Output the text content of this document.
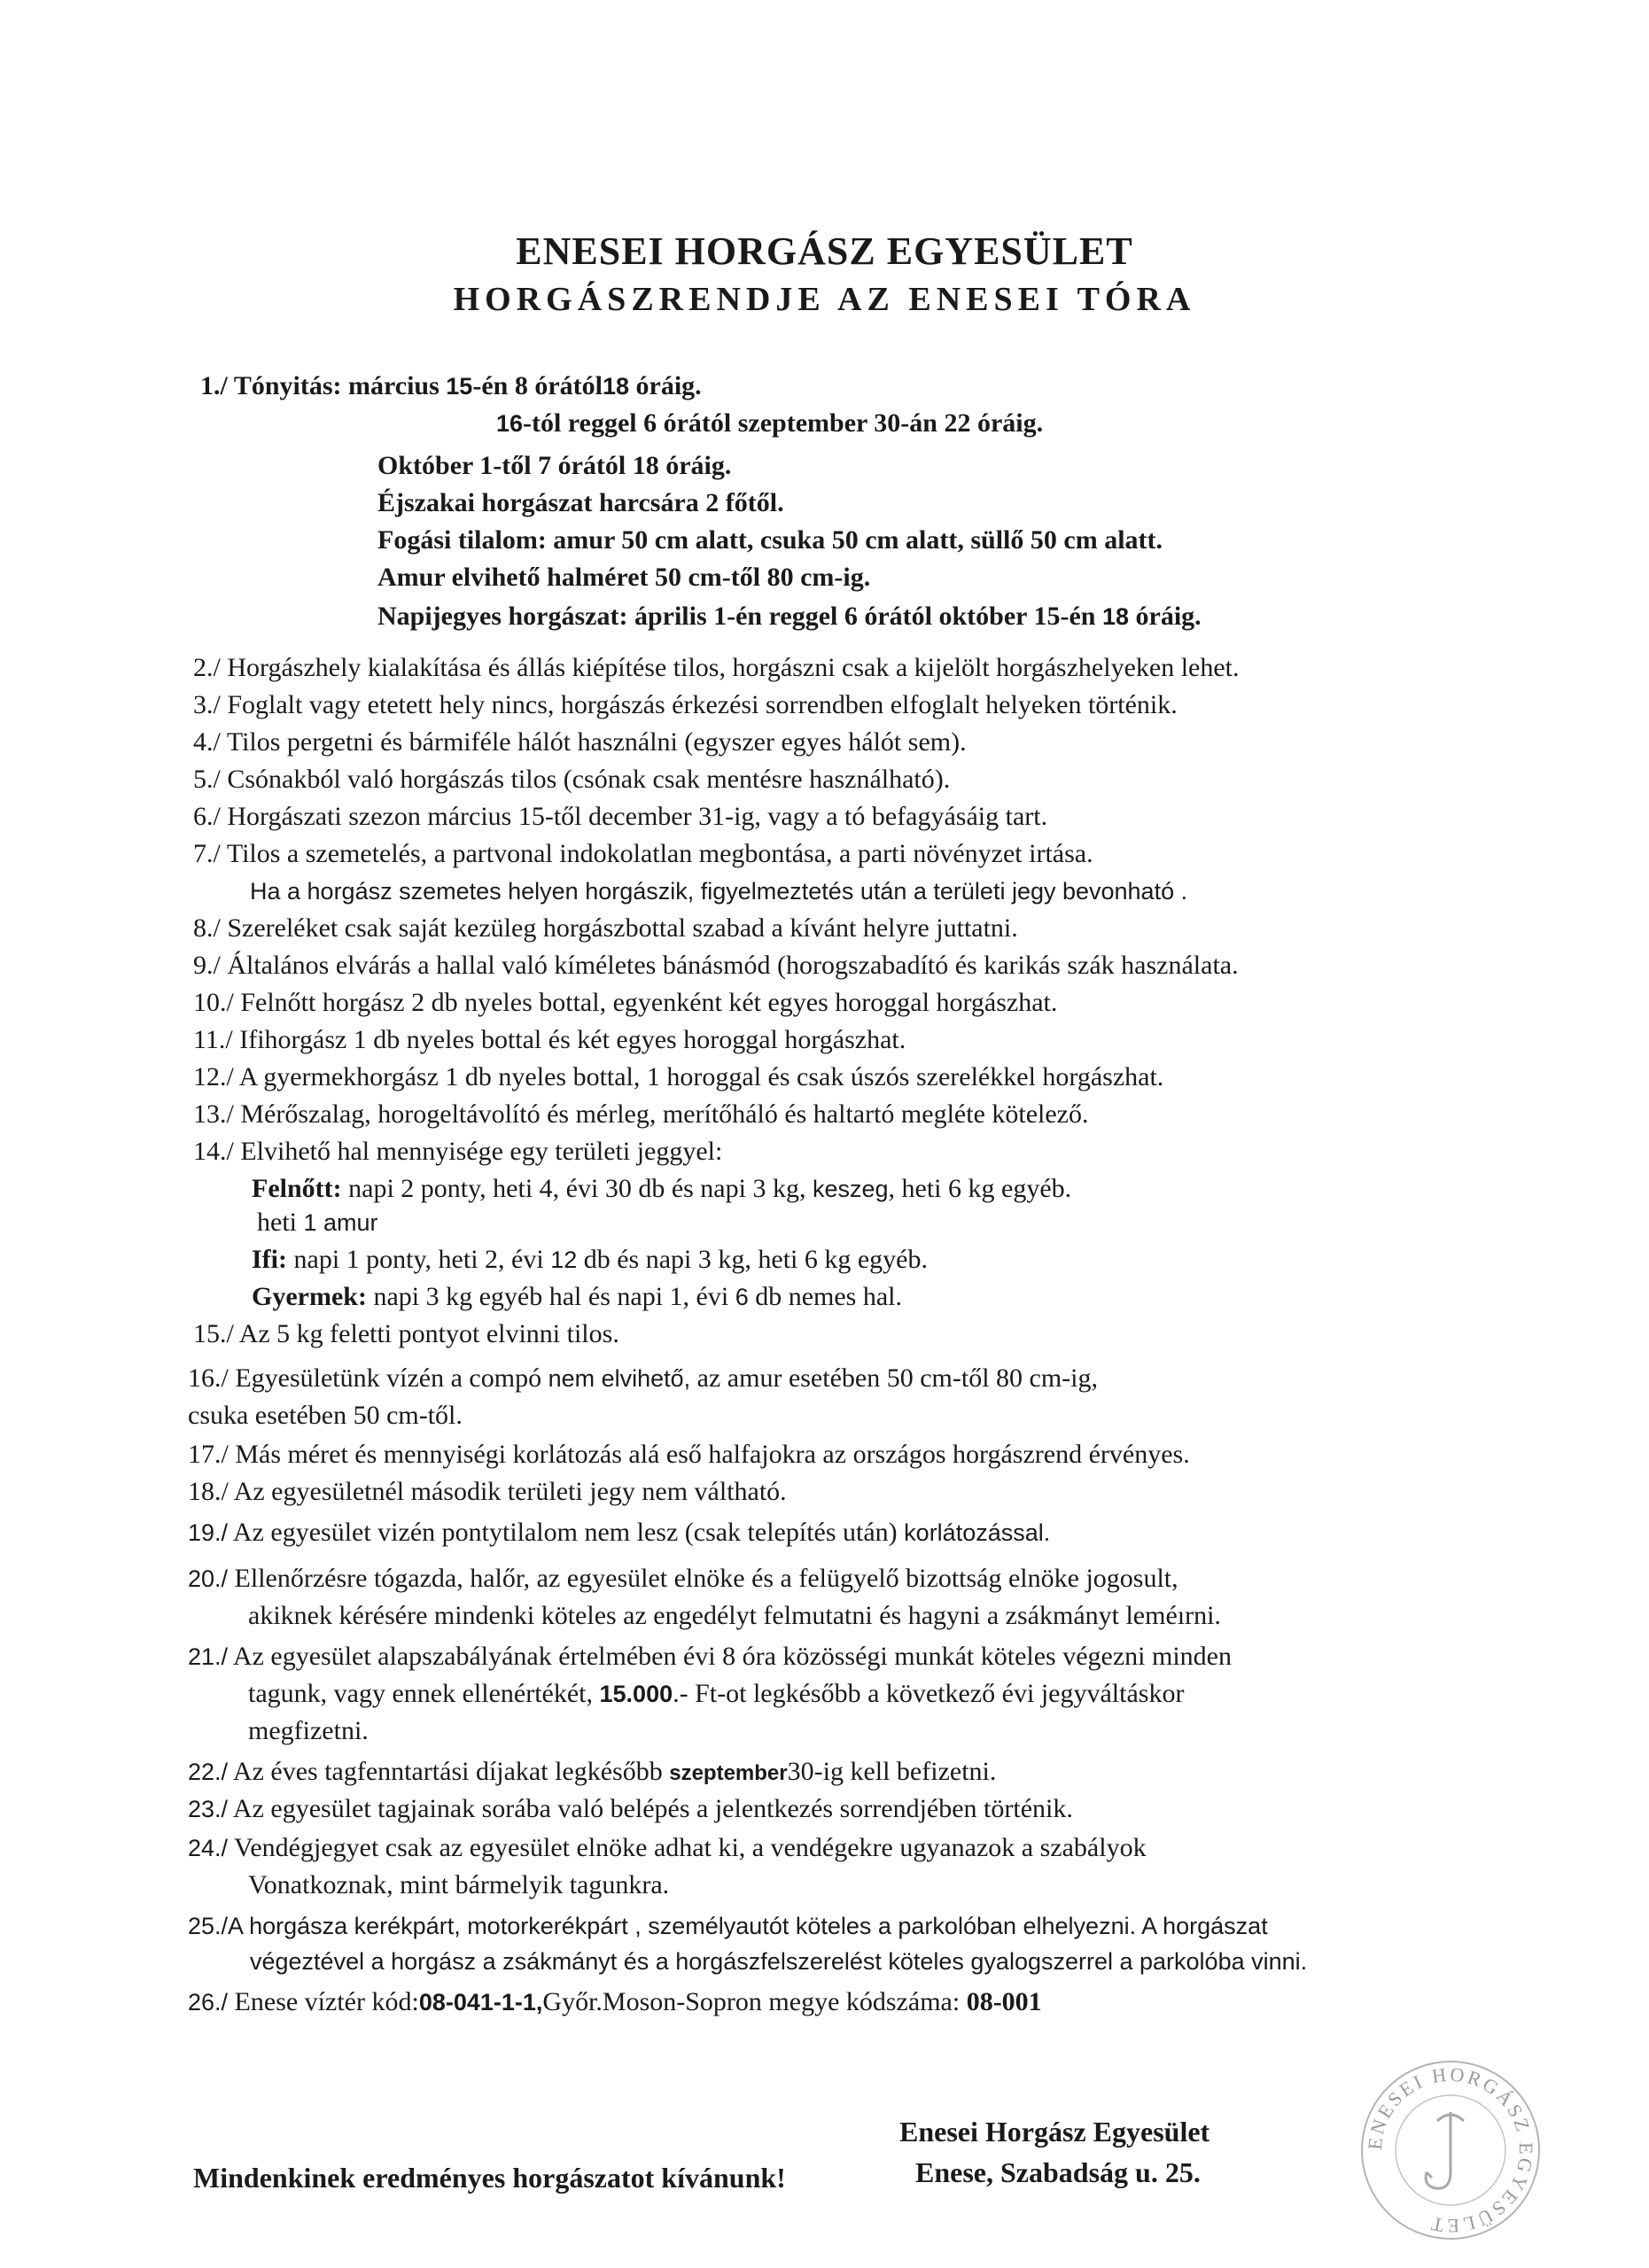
ENESEI HORGÁSZ EGYESÜLET
HORGÁSZRENDJE AZ ENESEI TÓRA
1./ Tónyitás: március 15-én 8 órától18 óráig.
16-tól reggel 6 órától szeptember 30-án 22 óráig.
Október 1-től 7 órától 18 óráig.
Éjszakai horgászat harcsára 2 főtől.
Fogási tilalom: amur 50 cm alatt, csuka 50 cm alatt, süllő 50 cm alatt.
Amur elvihető halméret 50 cm-től 80 cm-ig.
Napijegyes horgászat: április 1-én reggel 6 órától október 15-én 18 óráig.
2./ Horgászhely kialakítása és állás kiépítése tilos, horgászni csak a kijelölt horgászhelyeken lehet.
3./ Foglalt vagy etetett hely nincs, horgászás érkezési sorrendben elfoglalt helyeken történik.
4./ Tilos pergetni és bármiféle hálót használni (egyszer egyes hálót sem).
5./ Csónakból való horgászás tilos (csónak csak mentésre használható).
6./ Horgászati szezon március 15-től december 31-ig, vagy a tó befagyásáig tart.
7./ Tilos a szemetelés, a partvonal indokolatlan megbontása, a parti növényzet irtása.
Ha a horgász szemetes helyen horgászik, figyelmeztetés után a területi jegy bevonható .
8./ Szereléket csak saját kezüleg horgászbottal szabad a kívánt helyre juttatni.
9./ Általános elvárás a hallal való kíméletes bánásmód (horogszabadító és karikás szák használata.
10./ Felnőtt horgász 2 db nyeles bottal, egyenként két egyes horoggal horgászhat.
11./ Ifihorgász 1 db nyeles bottal és két egyes horoggal horgászhat.
12./ A gyermekhorgász 1 db nyeles bottal, 1 horoggal és csak úszós szerelékkel horgászhat.
13./ Mérőszalag, horogeltávolító és mérleg, merítőháló és haltartó megléte kötelező.
14./ Elvihető hal mennyisége egy területi jeggyel:
Felnőtt: napi 2 ponty, heti 4, évi 30 db és napi 3 kg, keszeg, heti 6 kg egyéb.
heti 1 amur
Ifi: napi 1 ponty, heti 2, évi 12 db és napi 3 kg, heti 6 kg egyéb.
Gyermek: napi 3 kg egyéb hal és napi 1, évi 6 db nemes hal.
15./ Az 5 kg feletti pontyot elvinni tilos.
16./ Egyesületünk vízén a compó nem elvihető, az amur esetében 50 cm-től 80 cm-ig,
csuka esetében 50 cm-től.
17./ Más méret és mennyiségi korlátozás alá eső halfajokra az országos horgászrend érvényes.
18./ Az egyesületnél második területi jegy nem váltható.
19./ Az egyesület vizén pontytilalom nem lesz (csak telepítés után) korlátozással.
20./ Ellenőrzésre tógazda, halőr, az egyesület elnöke és a felügyelő bizottság elnöke jogosult,
akiknek kérésére mindenki köteles az engedélyt felmutatni és hagyni a zsákmányt leméırni.
21./ Az egyesület alapszabályának értelmében évi 8 óra közösségi munkát köteles végezni minden
tagunk, vagy ennek ellenértékét, 15.000.- Ft-ot legkésőbb a következő évi jegyváltáskor
megfizetni.
22./ Az éves tagfenntartási díjakat legkésőbb szeptember30-ig kell befizetni.
23./ Az egyesület tagjainak sorába való belépés a jelentkezés sorrendjében történik.
24./ Vendégjegyet csak az egyesület elnöke adhat ki, a vendégekre ugyanazok a szabályok
Vonatkoznak, mint bármelyik tagunkra.
25./A horgásza kerékpárt, motorkerékpárt , személyautót köteles a parkolóban elhelyezni. A horgászat
végeztével a horgász a zsákmányt és a horgászfelszerelést köteles gyalogszerrel a parkolóba vinni.
26./ Enese víztér kód:08-041-1-1,Győr.Moson-Sopron megye kódszáma: 08-001
Enesei Horgász Egyesület
Enese, Szabadság u. 25.
Mindenkinek eredményes horgászatot kívánunk!
ENESEI HORGÁSZ EGYESÜLET
